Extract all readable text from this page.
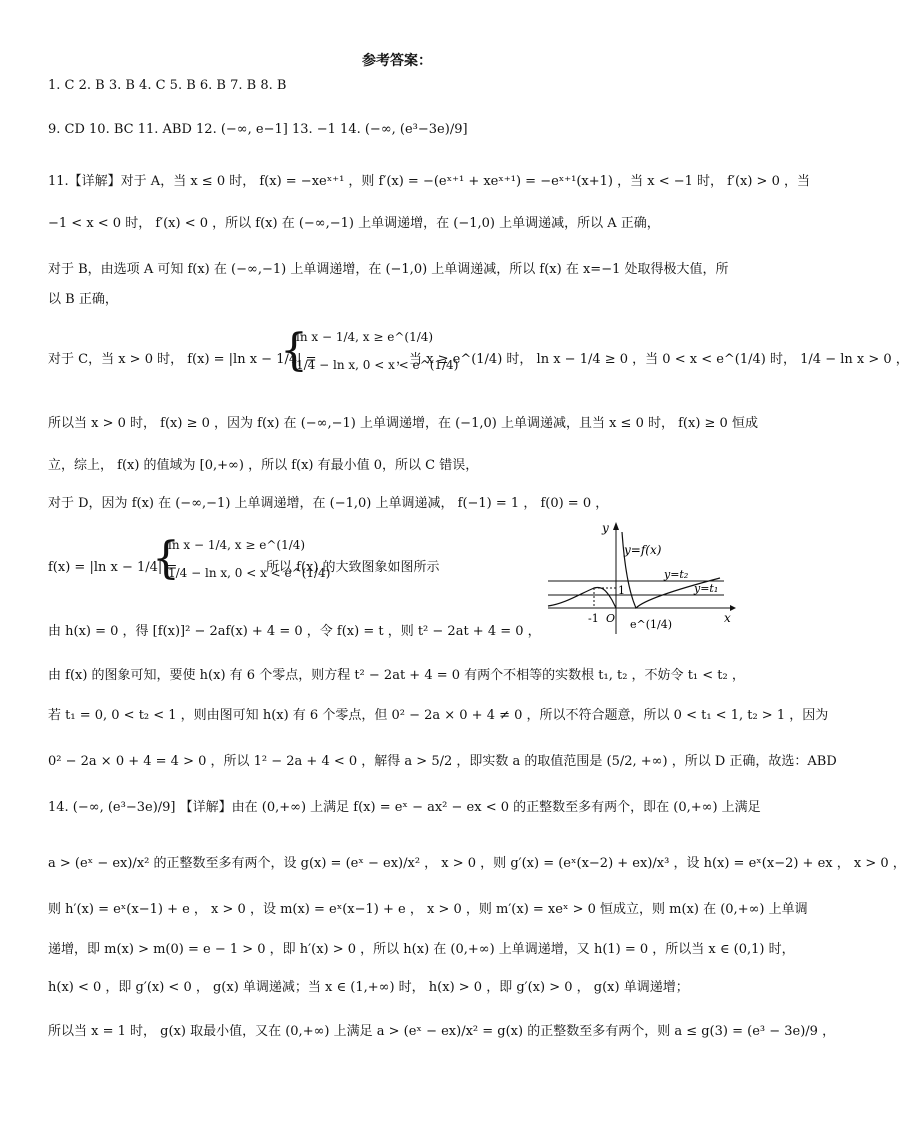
参考答案：
1. C 2. B 3. B 4. C 5. B 6. B 7. B 8. B
9. CD 10. BC 11. ABD 12. (−∞, e−1] 13. −1 14. (−∞, (e³−3e)/9]
11.【详解】对于 A，当 x ≤ 0 时， f(x) = −xeˣ⁺¹ ，则 f′(x) = −(eˣ⁺¹ + xeˣ⁺¹) = −eˣ⁺¹(x+1) ，当 x < −1 时， f′(x) > 0 ，当
−1 < x < 0 时， f′(x) < 0 ，所以 f(x) 在 (−∞,−1) 上单调递增，在 (−1,0) 上单调递减，所以 A 正确，
对于 B，由选项 A 可知 f(x) 在 (−∞,−1) 上单调递增，在 (−1,0) 上单调递减，所以 f(x) 在 x=−1 处取得极大值，所
以 B 正确，
对于 C，当 x > 0 时， f(x) = |ln x − 1/4| =
{
ln x − 1/4, x ≥ e^(1/4)
1/4 − ln x, 0 < x < e^(1/4)
，当 x ≥ e^(1/4) 时， ln x − 1/4 ≥ 0 ，当 0 < x < e^(1/4) 时， 1/4 − ln x > 0 ，
所以当 x > 0 时， f(x) ≥ 0 ，因为 f(x) 在 (−∞,−1) 上单调递增，在 (−1,0) 上单调递减，且当 x ≤ 0 时， f(x) ≥ 0 恒成
立，综上， f(x) 的值域为 [0,+∞) ，所以 f(x) 有最小值 0，所以 C 错误，
对于 D，因为 f(x) 在 (−∞,−1) 上单调递增，在 (−1,0) 上单调递减， f(−1) = 1 ， f(0) = 0 ，
f(x) = |ln x − 1/4| =
{
ln x − 1/4, x ≥ e^(1/4)
1/4 − ln x, 0 < x < e^(1/4)
所以 f(x) 的大致图象如图所示
y
x
y=f(x)
y=t₂
y=t₁
1
-1 O e^(1/4)
由 h(x) = 0 ，得 [f(x)]² − 2af(x) + 4 = 0 ，令 f(x) = t ，则 t² − 2at + 4 = 0 ，
由 f(x) 的图象可知，要使 h(x) 有 6 个零点，则方程 t² − 2at + 4 = 0 有两个不相等的实数根 t₁, t₂ ，不妨令 t₁ < t₂ ，
若 t₁ = 0, 0 < t₂ < 1 ，则由图可知 h(x) 有 6 个零点，但 0² − 2a × 0 + 4 ≠ 0 ，所以不符合题意，所以 0 < t₁ < 1, t₂ > 1 ，因为
0² − 2a × 0 + 4 = 4 > 0 ，所以 1² − 2a + 4 < 0 ，解得 a > 5/2 ，即实数 a 的取值范围是 (5/2, +∞) ，所以 D 正确，故选：ABD
14. (−∞, (e³−3e)/9] 【详解】由在 (0,+∞) 上满足 f(x) = eˣ − ax² − ex < 0 的正整数至多有两个，即在 (0,+∞) 上满足
a > (eˣ − ex)/x² 的正整数至多有两个，设 g(x) = (eˣ − ex)/x² ， x > 0 ，则 g′(x) = (eˣ(x−2) + ex)/x³ ，设 h(x) = eˣ(x−2) + ex ， x > 0 ，
则 h′(x) = eˣ(x−1) + e ， x > 0 ，设 m(x) = eˣ(x−1) + e ， x > 0 ，则 m′(x) = xeˣ > 0 恒成立，则 m(x) 在 (0,+∞) 上单调
递增，即 m(x) > m(0) = e − 1 > 0 ，即 h′(x) > 0 ，所以 h(x) 在 (0,+∞) 上单调递增，又 h(1) = 0 ，所以当 x ∈ (0,1) 时，
h(x) < 0 ，即 g′(x) < 0 ， g(x) 单调递减；当 x ∈ (1,+∞) 时， h(x) > 0 ，即 g′(x) > 0 ， g(x) 单调递增；
所以当 x = 1 时， g(x) 取最小值，又在 (0,+∞) 上满足 a > (eˣ − ex)/x² = g(x) 的正整数至多有两个，则 a ≤ g(3) = (e³ − 3e)/9 ，
